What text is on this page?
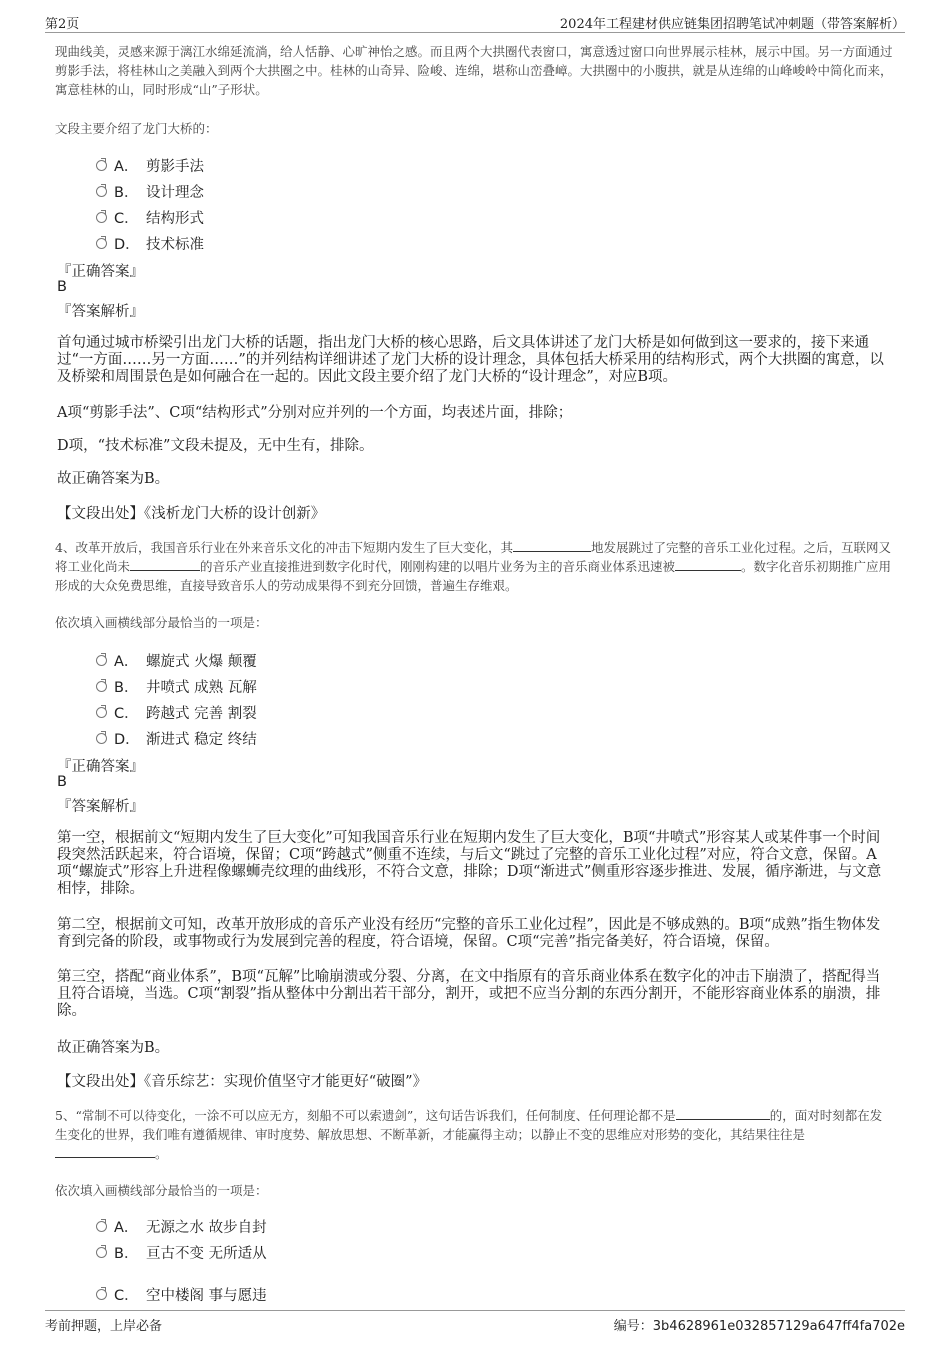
第2页	2024年工程建材供应链集团招聘笔试冲刺题（带答案解析）

现曲线美，灵感来源于漓江水绵延流淌，给人恬静、心旷神怡之感。而且两个大拱圈代表窗口，寓意透过窗口向世界展示桂林，展示中国。另一方面通过剪影手法，将桂林山之美融入到两个大拱圈之中。桂林的山奇异、险峻、连绵，堪称山峦叠嶂。大拱圈中的小腹拱，就是从连绵的山峰峻岭中简化而来，寓意桂林的山，同时形成“山”子形状。

文段主要介绍了龙门大桥的：

A． 剪影手法
B． 设计理念
C． 结构形式
D． 技术标准
『正确答案』
B
『答案解析』

首句通过城市桥梁引出龙门大桥的话题，指出龙门大桥的核心思路，后文具体讲述了龙门大桥是如何做到这一要求的，接下来通过“一方面……另一方面……”的并列结构详细讲述了龙门大桥的设计理念，具体包括大桥采用的结构形式，两个大拱圈的寓意，以及桥梁和周围景色是如何融合在一起的。因此文段主要介绍了龙门大桥的“设计理念”，对应B项。

A项“剪影手法”、C项“结构形式”分别对应并列的一个方面，均表述片面，排除；

D项，“技术标准”文段未提及，无中生有，排除。

故正确答案为B。

【文段出处】《浅析龙门大桥的设计创新》

4、改革开放后，我国音乐行业在外来音乐文化的冲击下短期内发生了巨大变化，其	地发展跳过了完整的音乐工业化过程。之后，互联网又将工业化尚未	的音乐产业直接推进到数字化时代，刚刚构建的以唱片业务为主的音乐商业体系迅速被	。数字化音乐初期推广应用形成的大众免费思维，直接导致音乐人的劳动成果得不到充分回馈，普遍生存维艰。

依次填入画横线部分最恰当的一项是：

A． 螺旋式 火爆 颠覆
B． 井喷式 成熟 瓦解
C． 跨越式 完善 割裂
D． 渐进式 稳定 终结
『正确答案』
B
『答案解析』

第一空，根据前文“短期内发生了巨大变化”可知我国音乐行业在短期内发生了巨大变化，B项“井喷式”形容某人或某件事一个时间段突然活跃起来，符合语境，保留；C项“跨越式”侧重不连续，与后文“跳过了完整的音乐工业化过程”对应，符合文意，保留。A项“螺旋式”形容上升进程像螺蛳壳纹理的曲线形，不符合文意，排除；D项“渐进式”侧重形容逐步推进、发展，循序渐进，与文意相悖，排除。

第二空，根据前文可知，改革开放形成的音乐产业没有经历“完整的音乐工业化过程”，因此是不够成熟的。B项“成熟”指生物体发育到完备的阶段，或事物或行为发展到完善的程度，符合语境，保留。C项“完善”指完备美好，符合语境，保留。

第三空，搭配“商业体系”，B项“瓦解”比喻崩溃或分裂、分离，在文中指原有的音乐商业体系在数字化的冲击下崩溃了，搭配得当且符合语境，当选。C项“割裂”指从整体中分割出若干部分，割开，或把不应当分割的东西分割开，不能形容商业体系的崩溃，排除。

故正确答案为B。

【文段出处】《音乐综艺：实现价值坚守才能更好“破圈”》

5、“常制不可以待变化，一涂不可以应无方，刻船不可以索遗剑”，这句话告诉我们，任何制度、任何理论都不是	的，面对时刻都在发生变化的世界，我们唯有遵循规律、审时度势、解放思想、不断革新，才能赢得主动；以静止不变的思维应对形势的变化，其结果往往是。

依次填入画横线部分最恰当的一项是：

A． 无源之水 故步自封
B． 亘古不变 无所适从
C． 空中楼阁 事与愿违
考前押题，上岸必备	编号：3b4628961e032857129a647ff4fa702e
